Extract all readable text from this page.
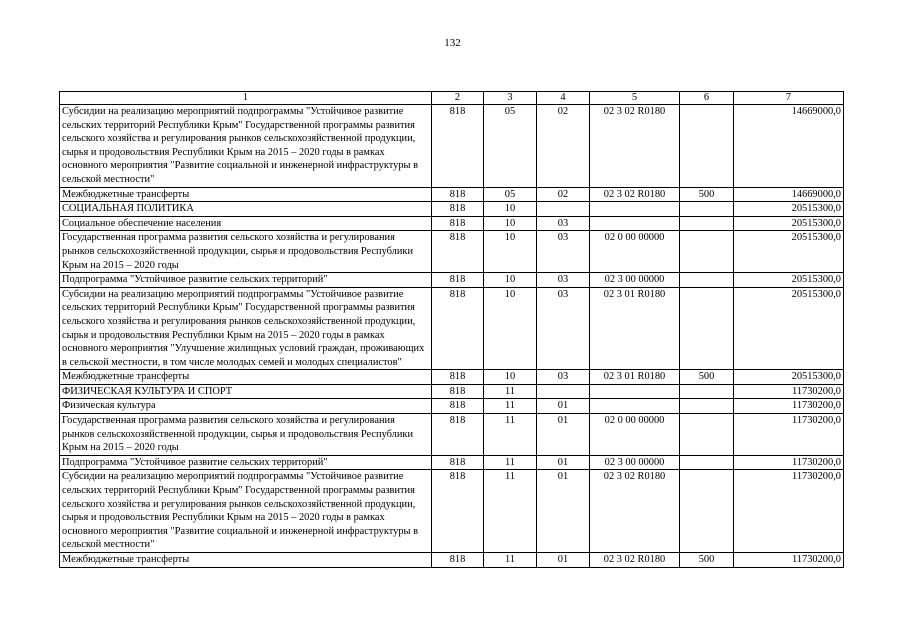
132
1	2	3	4	5	6	7
Субсидии на реализацию мероприятий подпрограммы "Устойчивое развитие сельских территорий Республики Крым" Государственной программы развития сельского хозяйства и регулирования рынков сельскохозяйственной продукции, сырья и продовольствия Республики Крым на 2015 – 2020 годы в рамках основного мероприятия "Развитие социальной и инженерной инфраструктуры в сельской местности"	818	05	02	02 3 02 R0180		14669000,0
Межбюджетные трансферты	818	05	02	02 3 02 R0180	500	14669000,0
СОЦИАЛЬНАЯ ПОЛИТИКА	818	10				20515300,0
Социальное обеспечение населения	818	10	03			20515300,0
Государственная программа развития сельского хозяйства и регулирования рынков сельскохозяйственной продукции, сырья и продовольствия Республики Крым на 2015 – 2020 годы	818	10	03	02 0 00 00000		20515300,0
Подпрограмма "Устойчивое развитие сельских территорий"	818	10	03	02 3 00 00000		20515300,0
Субсидии на реализацию мероприятий подпрограммы "Устойчивое развитие сельских территорий Республики Крым" Государственной программы развития сельского хозяйства и регулирования рынков сельскохозяйственной продукции, сырья и продовольствия Республики Крым на 2015 – 2020 годы в рамках основного мероприятия "Улучшение жилищных условий граждан, проживающих в сельской местности, в том числе молодых семей и молодых специалистов"	818	10	03	02 3 01 R0180		20515300,0
Межбюджетные трансферты	818	10	03	02 3 01 R0180	500	20515300,0
ФИЗИЧЕСКАЯ КУЛЬТУРА И СПОРТ	818	11				11730200,0
Физическая культура	818	11	01			11730200,0
Государственная программа развития сельского хозяйства и регулирования рынков сельскохозяйственной продукции, сырья и продовольствия Республики Крым на 2015 – 2020 годы	818	11	01	02 0 00 00000		11730200,0
Подпрограмма "Устойчивое развитие сельских территорий"	818	11	01	02 3 00 00000		11730200,0
Субсидии на реализацию мероприятий подпрограммы "Устойчивое развитие сельских территорий Республики Крым" Государственной программы развития сельского хозяйства и регулирования рынков сельскохозяйственной продукции, сырья и продовольствия Республики Крым на 2015 – 2020 годы в рамках основного мероприятия "Развитие социальной и инженерной инфраструктуры в сельской местности"	818	11	01	02 3 02 R0180		11730200,0
Межбюджетные трансферты	818	11	01	02 3 02 R0180	500	11730200,0
